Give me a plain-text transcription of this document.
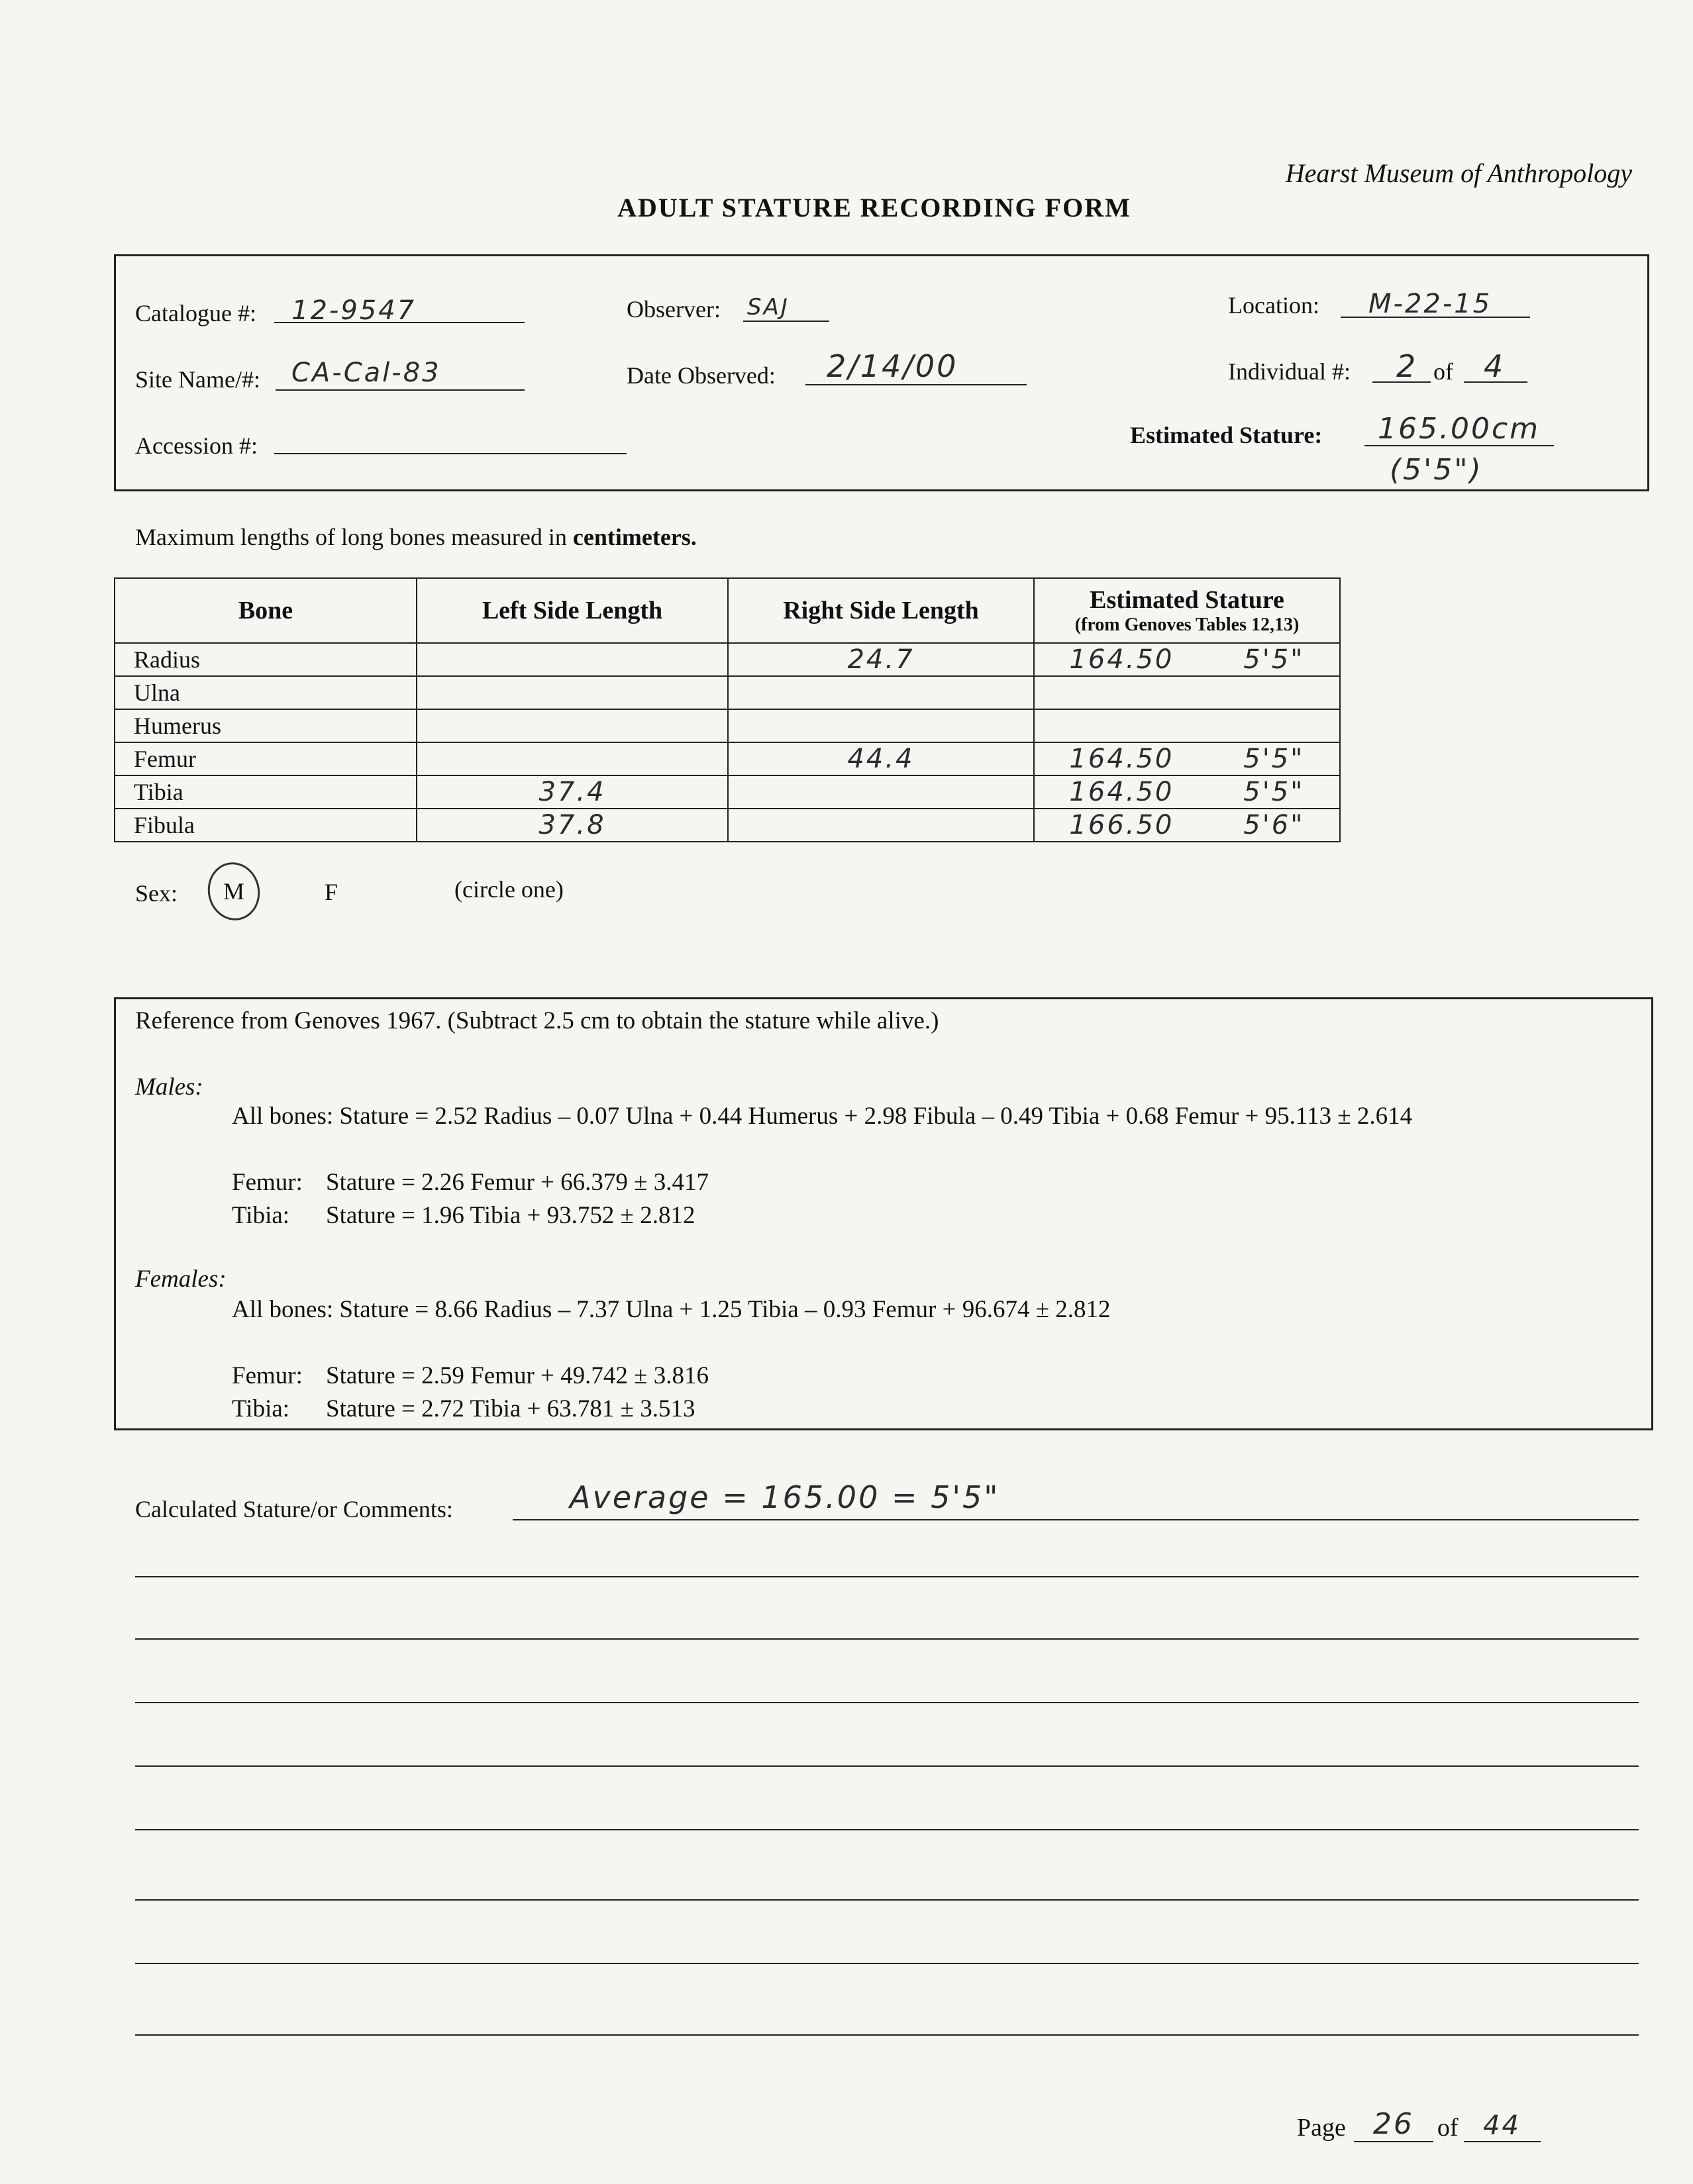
Hearst Museum of Anthropology
ADULT STATURE RECORDING FORM
Catalogue #: 12-9547	Observer: SAJ	Location: M-22-15
Site Name/#: CA-Cal-83	Date Observed: 2/14/00	Individual #: 2 of 4
Accession #:	Estimated Stature: 165.00cm
(5'5")
Maximum lengths of long bones measured in centimeters.
Bone	Left Side Length	Right Side Length	Estimated Stature
(from Genoves Tables 12,13)

Radius		24.7	164.50 5'5"

Ulna			

Humerus			

Femur		44.4	164.50 5'5"

Tibia	37.4		164.50 5'5"

Fibula	37.8		166.50 5'6"
Sex: M	F	(circle one)
Reference from Genoves 1967. (Subtract 2.5 cm to obtain the stature while alive.)
Males:
All bones: Stature = 2.52 Radius – 0.07 Ulna + 0.44 Humerus + 2.98 Fibula – 0.49 Tibia + 0.68 Femur + 95.113 ± 2.614
Femur: Stature = 2.26 Femur + 66.379 ± 3.417
Tibia: Stature = 1.96 Tibia + 93.752 ± 2.812
Females:
All bones: Stature = 8.66 Radius – 7.37 Ulna + 1.25 Tibia – 0.93 Femur + 96.674 ± 2.812
Femur: Stature = 2.59 Femur + 49.742 ± 3.816
Tibia: Stature = 2.72 Tibia + 63.781 ± 3.513
Calculated Stature/or Comments:	Average = 165.00 = 5'5"
Page 26 of 44
